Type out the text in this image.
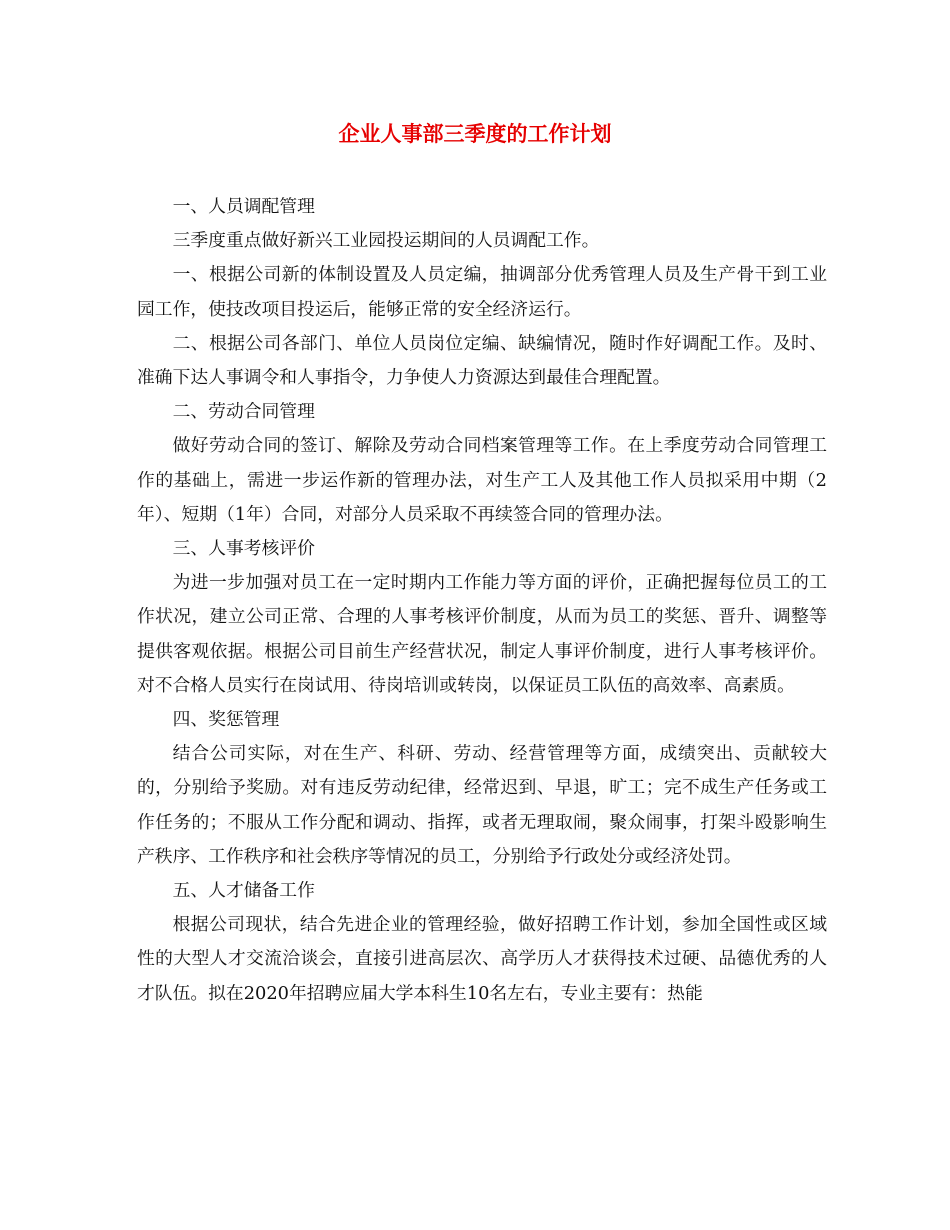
企业人事部三季度的工作计划

一、人员调配管理

三季度重点做好新兴工业园投运期间的人员调配工作。

一、根据公司新的体制设置及人员定编，抽调部分优秀管理人员及生产骨干到工业园工作，使技改项目投运后，能够正常的安全经济运行。

二、根据公司各部门、单位人员岗位定编、缺编情况，随时作好调配工作。及时、准确下达人事调令和人事指令，力争使人力资源达到最佳合理配置。

二、劳动合同管理

做好劳动合同的签订、解除及劳动合同档案管理等工作。在上季度劳动合同管理工作的基础上，需进一步运作新的管理办法，对生产工人及其他工作人员拟采用中期（2年）、短期（1年）合同，对部分人员采取不再续签合同的管理办法。

三、人事考核评价

为进一步加强对员工在一定时期内工作能力等方面的评价，正确把握每位员工的工作状况，建立公司正常、合理的人事考核评价制度，从而为员工的奖惩、晋升、调整等提供客观依据。根据公司目前生产经营状况，制定人事评价制度，进行人事考核评价。对不合格人员实行在岗试用、待岗培训或转岗，以保证员工队伍的高效率、高素质。

四、奖惩管理

结合公司实际，对在生产、科研、劳动、经营管理等方面，成绩突出、贡献较大的，分别给予奖励。对有违反劳动纪律，经常迟到、早退，旷工；完不成生产任务或工作任务的；不服从工作分配和调动、指挥，或者无理取闹，聚众闹事，打架斗殴影响生产秩序、工作秩序和社会秩序等情况的员工，分别给予行政处分或经济处罚。

五、人才储备工作

根据公司现状，结合先进企业的管理经验，做好招聘工作计划，参加全国性或区域性的大型人才交流洽谈会，直接引进高层次、高学历人才获得技术过硬、品德优秀的人才队伍。拟在2020年招聘应届大学本科生10名左右，专业主要有：热能
